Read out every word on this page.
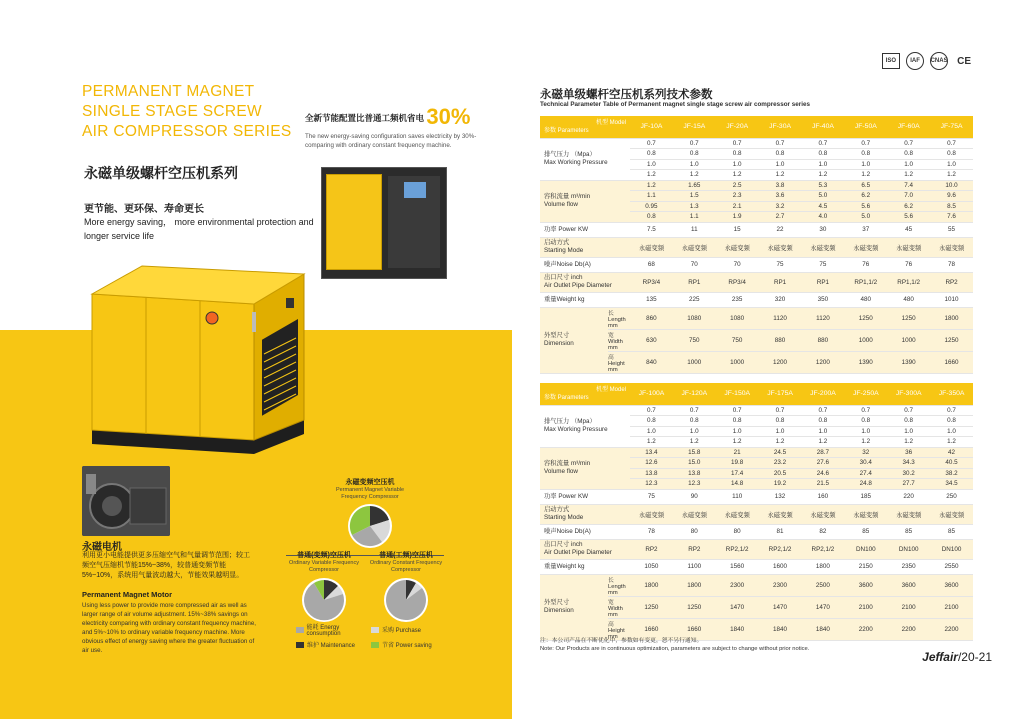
PERMANENT MAGNET
SINGLE STAGE SCREW
AIR COMPRESSOR SERIES
永磁单级螺杆空压机系列
更节能、更环保、寿命更长
More energy saving， more environmental protection and longer service life
全新节能配置比普通工频机省电 30%
The new energy-saving configuration saves electricity by 30%- comparing with ordinary constant frequency machine.
永磁电机
利用更小电能提供更多压缩空气和气量调节范围；较工频空气压缩机节能15%~38%，较普通变频节能5%~10%，系统用气量波动越大，节能效果越明显。
Permanent Magnet Motor
Using less power to provide more compressed air as well as larger range of air volume adjustment. 15%~38% savings on electricity comparing with ordinary constant frequency machine, and 5%~10% to ordinary variable frequency machine. More obvious effect of energy saving where the greater fluctuation of air use.
永磁变频空压机
Permanent Magnet Variable Frequency Compressor
普通(变频)空压机
Ordinary Variable Frequency Compressor
普通(工频)空压机
Ordinary Constant Frequency Compressor
能耗 Energy consumption	采购 Purchase
维护 Maintenance	节省 Power saving
ISO	IAF	CNAS CE
永磁单级螺杆空压机系列技术参数
Technical Parameter Table of Permanent magnet single stage screw air compressor series
机型 Model
参数 Parameters		JF-10A	JF-15A	JF-20A	JF-30A	JF-40A	JF-50A	JF-60A	JF-75A
排气压力 （Mpa）
Max Working Pressure		0.7	0.7	0.7	0.7	0.7	0.7	0.7	0.7
		0.8	0.8	0.8	0.8	0.8	0.8	0.8	0.8
		1.0	1.0	1.0	1.0	1.0	1.0	1.0	1.0
		1.2	1.2	1.2	1.2	1.2	1.2	1.2	1.2
容积流量 m³/min
Volume flow		1.2	1.65	2.5	3.8	5.3	6.5	7.4	10.0
		1.1	1.5	2.3	3.6	5.0	6.2	7.0	9.6
		0.95	1.3	2.1	3.2	4.5	5.6	6.2	8.5
		0.8	1.1	1.9	2.7	4.0	5.0	5.6	7.6
功率 Power KW		7.5	11	15	22	30	37	45	55
启动方式
Starting Mode		永磁变频	永磁变频	永磁变频	永磁变频	永磁变频	永磁变频	永磁变频	永磁变频
噪声Noise Db(A)		68	70	70	75	75	76	76	78
出口尺寸 inch
Air Outlet Pipe Diameter		RP3/4	RP1	RP3/4	RP1	RP1	RP1,1/2	RP1,1/2	RP2
重量Weight kg		135	225	235	320	350	480	480	1010
外型尺寸
Dimension	长Length mm	860	1080	1080	1120	1120	1250	1250	1800
	宽 Width mm	630	750	750	880	880	1000	1000	1250
	高 Height mm	840	1000	1000	1200	1200	1390	1390	1660
机型 Model
参数 Parameters		JF-100A	JF-120A	JF-150A	JF-175A	JF-200A	JF-250A	JF-300A	JF-350A
排气压力 （Mpa）
Max Working Pressure		0.7	0.7	0.7	0.7	0.7	0.7	0.7	0.7
		0.8	0.8	0.8	0.8	0.8	0.8	0.8	0.8
		1.0	1.0	1.0	1.0	1.0	1.0	1.0	1.0
		1.2	1.2	1.2	1.2	1.2	1.2	1.2	1.2
容积流量 m³/min
Volume flow		13.4	15.8	21	24.5	28.7	32	36	42
		12.6	15.0	19.8	23.2	27.6	30.4	34.3	40.5
		13.8	13.8	17.4	20.5	24.6	27.4	30.2	38.2
		12.3	12.3	14.8	19.2	21.5	24.8	27.7	34.5
功率 Power KW		75	90	110	132	160	185	220	250
启动方式
Starting Mode		永磁变频	永磁变频	永磁变频	永磁变频	永磁变频	永磁变频	永磁变频	永磁变频
噪声Noise Db(A)		78	80	80	81	82	85	85	85
出口尺寸 inch
Air Outlet Pipe Diameter		RP2	RP2	RP2,1/2	RP2,1/2	RP2,1/2	DN100	DN100	DN100
重量Weight kg		1050	1100	1560	1600	1800	2150	2350	2550
外型尺寸
Dimension	长Length mm	1800	1800	2300	2300	2500	3600	3600	3600
	宽 Width mm	1250	1250	1470	1470	1470	2100	2100	2100
	高 Height mm	1660	1660	1840	1840	1840	2200	2200	2200
注：本公司产品在不断优化中，参数如有变更，恕不另行通知。
Note: Our Products are in continuous optimization, parameters are subject to change without prior notice.
Jeffair/20-21
